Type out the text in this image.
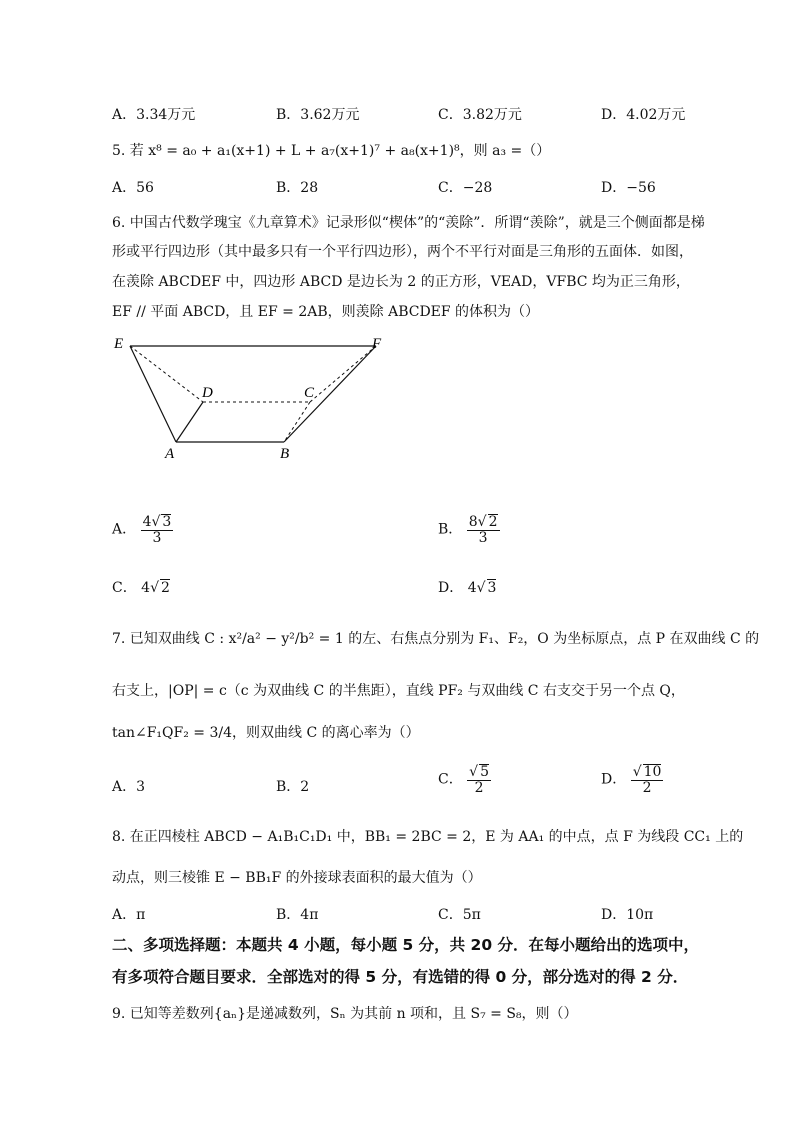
A．3.34万元	B．3.62万元	C．3.82万元	D．4.02万元
5. 若 x⁸ = a₀ + a₁(x+1) + L + a₇(x+1)⁷ + a₈(x+1)⁸，则 a₃ =（）
A．56	B．28	C．−28	D．−56
6. 中国古代数学瑰宝《九章算术》记录形似“楔体”的“羡除”．所谓“羡除”，就是三个侧面都是梯
形或平行四边形（其中最多只有一个平行四边形），两个不平行对面是三角形的五面体．如图，
在羡除 ABCDEF 中，四边形 ABCD 是边长为 2 的正方形，VEAD，VFBC 均为正三角形，
EF // 平面 ABCD，且 EF = 2AB，则羡除 ABCDEF 的体积为（）
E	F
D	C
A	B
A． $\frac{4√ 3}{3}$	B． $\frac{8√ 2}{3}$
C． 4√ 2	D． 4√ 3
7. 已知双曲线 C : x²/a² − y²/b² = 1 的左、右焦点分别为 F₁、F₂，O 为坐标原点，点 P 在双曲线 C 的
右支上，|OP| = c（c 为双曲线 C 的半焦距），直线 PF₂ 与双曲线 C 右支交于另一个点 Q，
tan∠F₁QF₂ = 3/4，则双曲线 C 的离心率为（）
A．3	B．2	C． $\frac{√ 5}{2}$	D． $\frac{√ 10}{2}$
8. 在正四棱柱 ABCD − A₁B₁C₁D₁ 中，BB₁ = 2BC = 2，E 为 AA₁ 的中点，点 F 为线段 CC₁ 上的
动点，则三棱锥 E − BB₁F 的外接球表面积的最大值为（）
A．π	B．4π	C．5π	D．10π
二、多项选择题：本题共 4 小题，每小题 5 分，共 20 分．在每小题给出的选项中，
有多项符合题目要求．全部选对的得 5 分，有选错的得 0 分，部分选对的得 2 分．
9. 已知等差数列{aₙ}是递减数列，Sₙ 为其前 n 项和，且 S₇ = S₈，则（）
